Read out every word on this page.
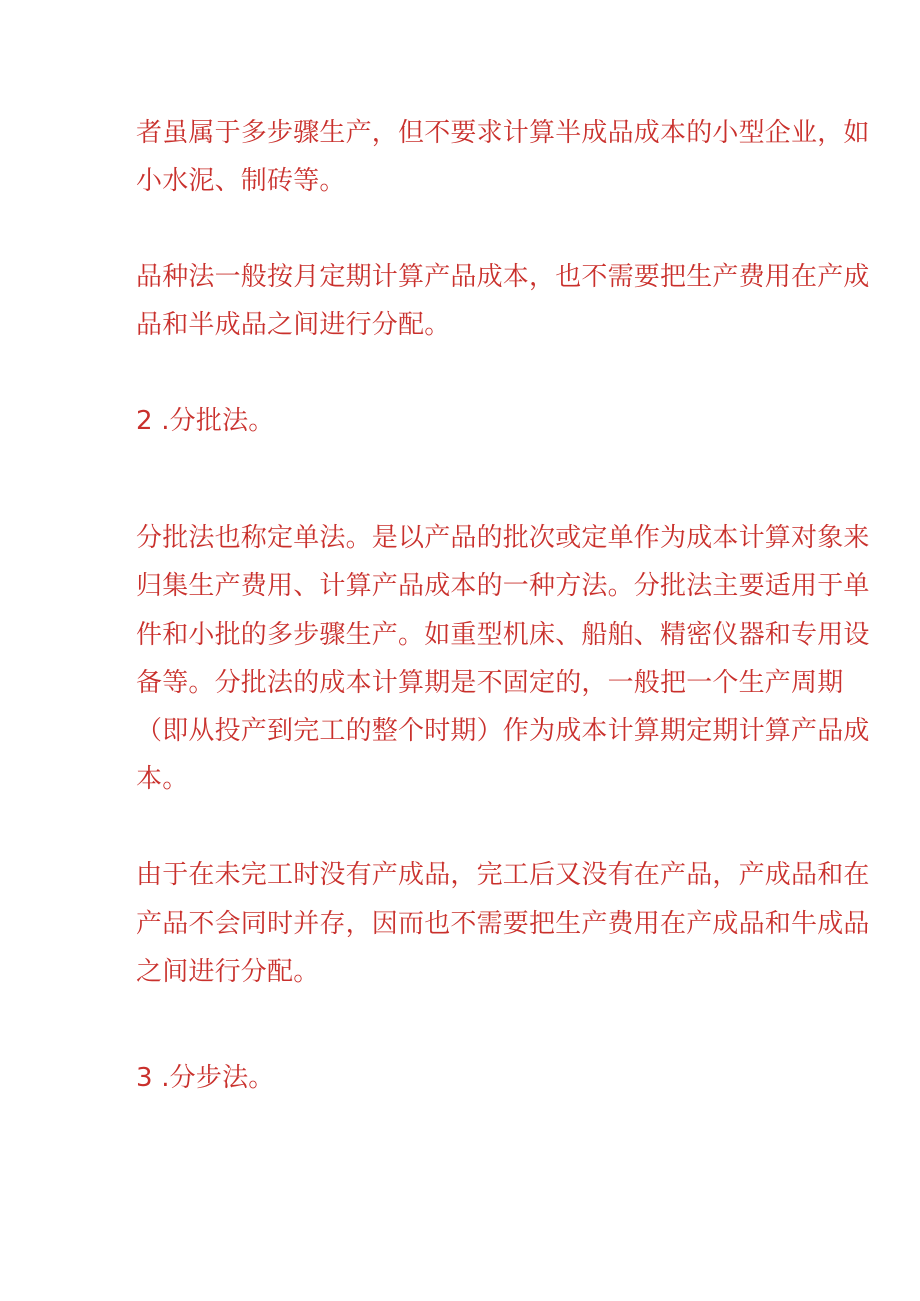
者虽属于多步骤生产，但不要求计算半成品成本的小型企业，如
小水泥、制砖等。
品种法一般按月定期计算产品成本，也不需要把生产费用在产成
品和半成品之间进行分配。
2 .分批法。
分批法也称定单法。是以产品的批次或定单作为成本计算对象来
归集生产费用、计算产品成本的一种方法。分批法主要适用于单
件和小批的多步骤生产。如重型机床、船舶、精密仪器和专用设
备等。分批法的成本计算期是不固定的，一般把一个生产周期
（即从投产到完工的整个时期）作为成本计算期定期计算产品成
本。
由于在未完工时没有产成品，完工后又没有在产品，产成品和在
产品不会同时并存，因而也不需要把生产费用在产成品和牛成品
之间进行分配。
3 .分步法。
